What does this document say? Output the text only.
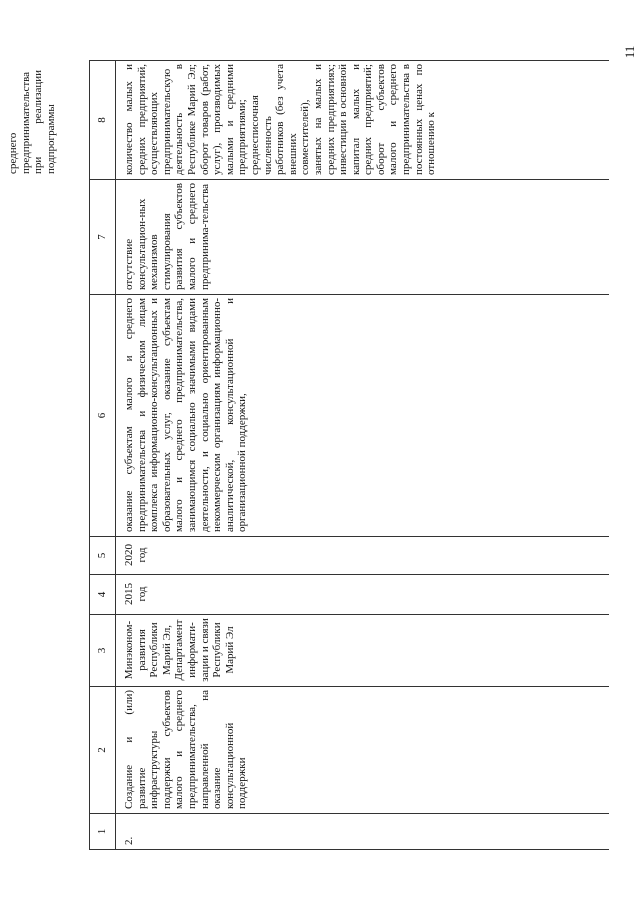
11
1
2
3
4
5
6
7
8
2.
Создание и (или) развитие инфраструктуры поддержки субъектов малого и среднего предпринимательства, направленной на оказание консультационной поддержки
Минэконом-развития Республики Марий Эл, Департамент информати-зации и связи Республики Марий Эл
2015 год
2020 год
оказание субъектам малого и среднего предпринимательства и физическим лицам комплекса информационно-консультационных и образовательных услуг, оказание субъектам малого и среднего предпринимательства, занимающимся социально значимыми видами деятельности, и социально ориентированным некоммерческим организациям информационно-аналитической, консультационной и организационной поддержки,
отсутствие консультацион-ных механизмов стимулирования развития субъектов малого и среднего предпринима-тельства
количество малых и средних предприятий, осуществляющих предпринимательскую деятельность в Республике Марий Эл; оборот товаров (работ, услуг), производимых малыми и средними предприятиями; среднесписочная численность работников (без учета внешних совместителей), занятых на малых и средних предприятиях; инвестиции в основной капитал малых и средних предприятий; оборот субъектов малого и среднего предпринимательства в постоянных ценах по отношению к
среднего предпринимательства при реализации подпрограммы
